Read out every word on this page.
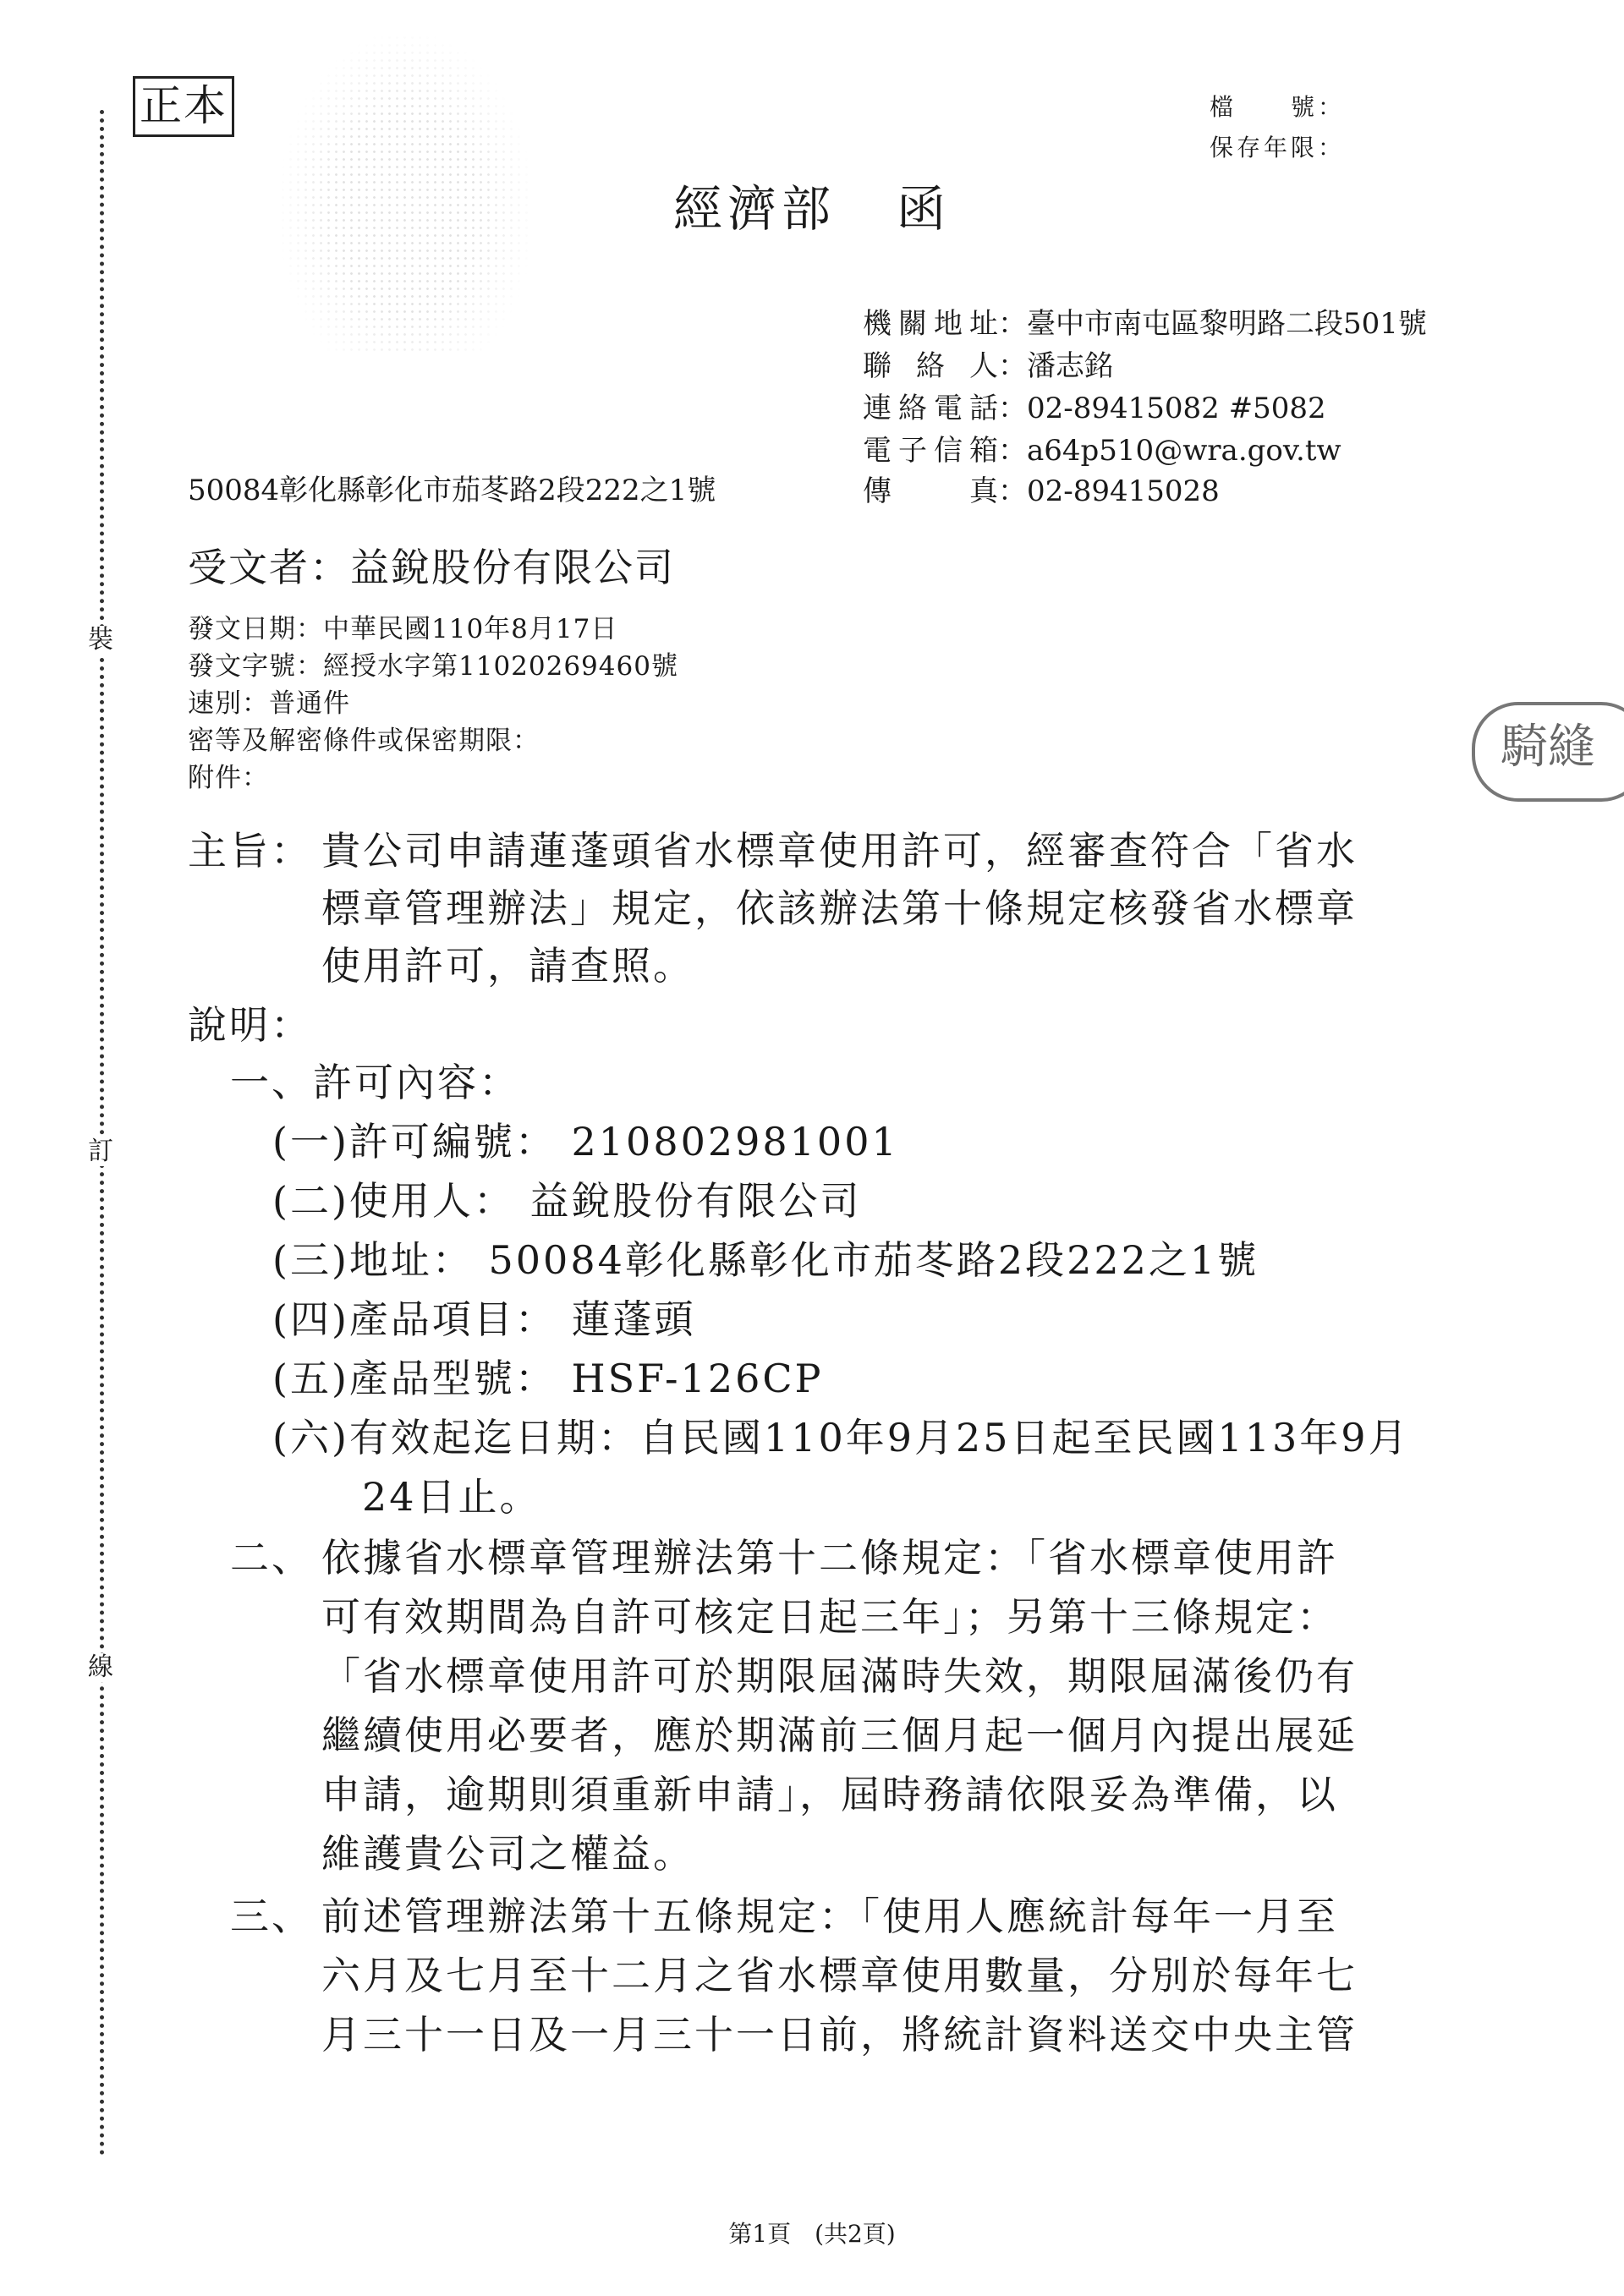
正本
裝
訂
線
檔　　號：
保存年限：
經濟部 函
機關地址：臺中市南屯區黎明路二段501號
聯絡人：潘志銘
連絡電話：02-89415082 #5082
電子信箱：a64p510@wra.gov.tw
傳真：02-89415028
50084彰化縣彰化市茄苳路2段222之1號
受文者：益銳股份有限公司
發文日期：中華民國110年8月17日
發文字號：經授水字第11020269460號
速別：普通件
密等及解密條件或保密期限：
附件：
騎縫
主旨： 貴公司申請蓮蓬頭省水標章使用許可，經審查符合「省水
標章管理辦法」規定，依該辦法第十條規定核發省水標章
使用許可，請查照。
說明：
一、許可內容：
(一)許可編號： 210802981001
(二)使用人： 益銳股份有限公司
(三)地址： 50084彰化縣彰化市茄苳路2段222之1號
(四)產品項目： 蓮蓬頭
(五)產品型號： HSF-126CP
(六)有效起迄日期：自民國110年9月25日起至民國113年9月
24日止。
二、 依據省水標章管理辦法第十二條規定：「省水標章使用許
可有效期間為自許可核定日起三年」；另第十三條規定：
「省水標章使用許可於期限屆滿時失效，期限屆滿後仍有
繼續使用必要者，應於期滿前三個月起一個月內提出展延
申請，逾期則須重新申請」，屆時務請依限妥為準備，以
維護貴公司之權益。
三、 前述管理辦法第十五條規定：「使用人應統計每年一月至
六月及七月至十二月之省水標章使用數量，分別於每年七
月三十一日及一月三十一日前，將統計資料送交中央主管
第1頁　(共2頁)
